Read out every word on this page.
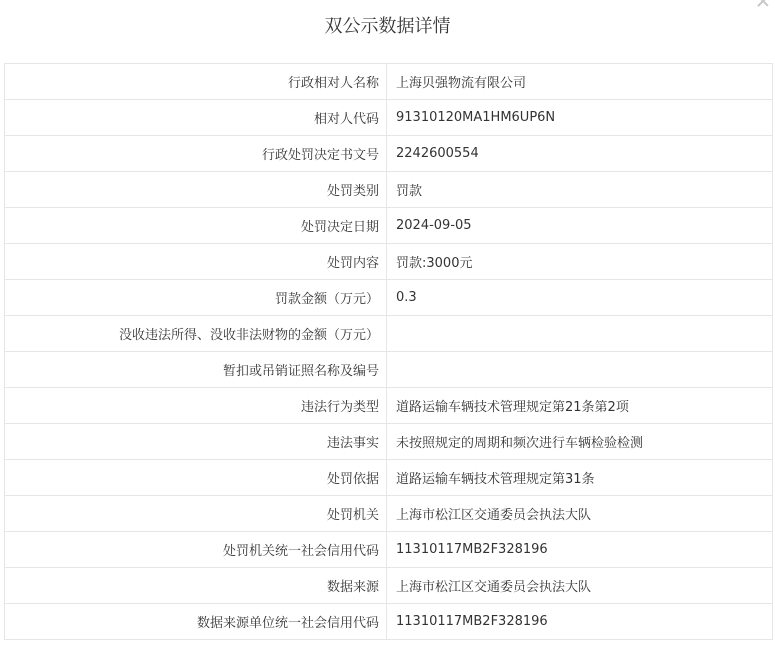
双公示数据详情
行政相对人名称	上海贝强物流有限公司
相对人代码	91310120MA1HM6UP6N
行政处罚决定书文号	2242600554
处罚类别	罚款
处罚决定日期	2024-09-05
处罚内容	罚款:3000元
罚款金额（万元）	0.3
没收违法所得、没收非法财物的金额（万元）	
暂扣或吊销证照名称及编号	
违法行为类型	道路运输车辆技术管理规定第21条第2项
违法事实	未按照规定的周期和频次进行车辆检验检测
处罚依据	道路运输车辆技术管理规定第31条
处罚机关	上海市松江区交通委员会执法大队
处罚机关统一社会信用代码	11310117MB2F328196
数据来源	上海市松江区交通委员会执法大队
数据来源单位统一社会信用代码	11310117MB2F328196
